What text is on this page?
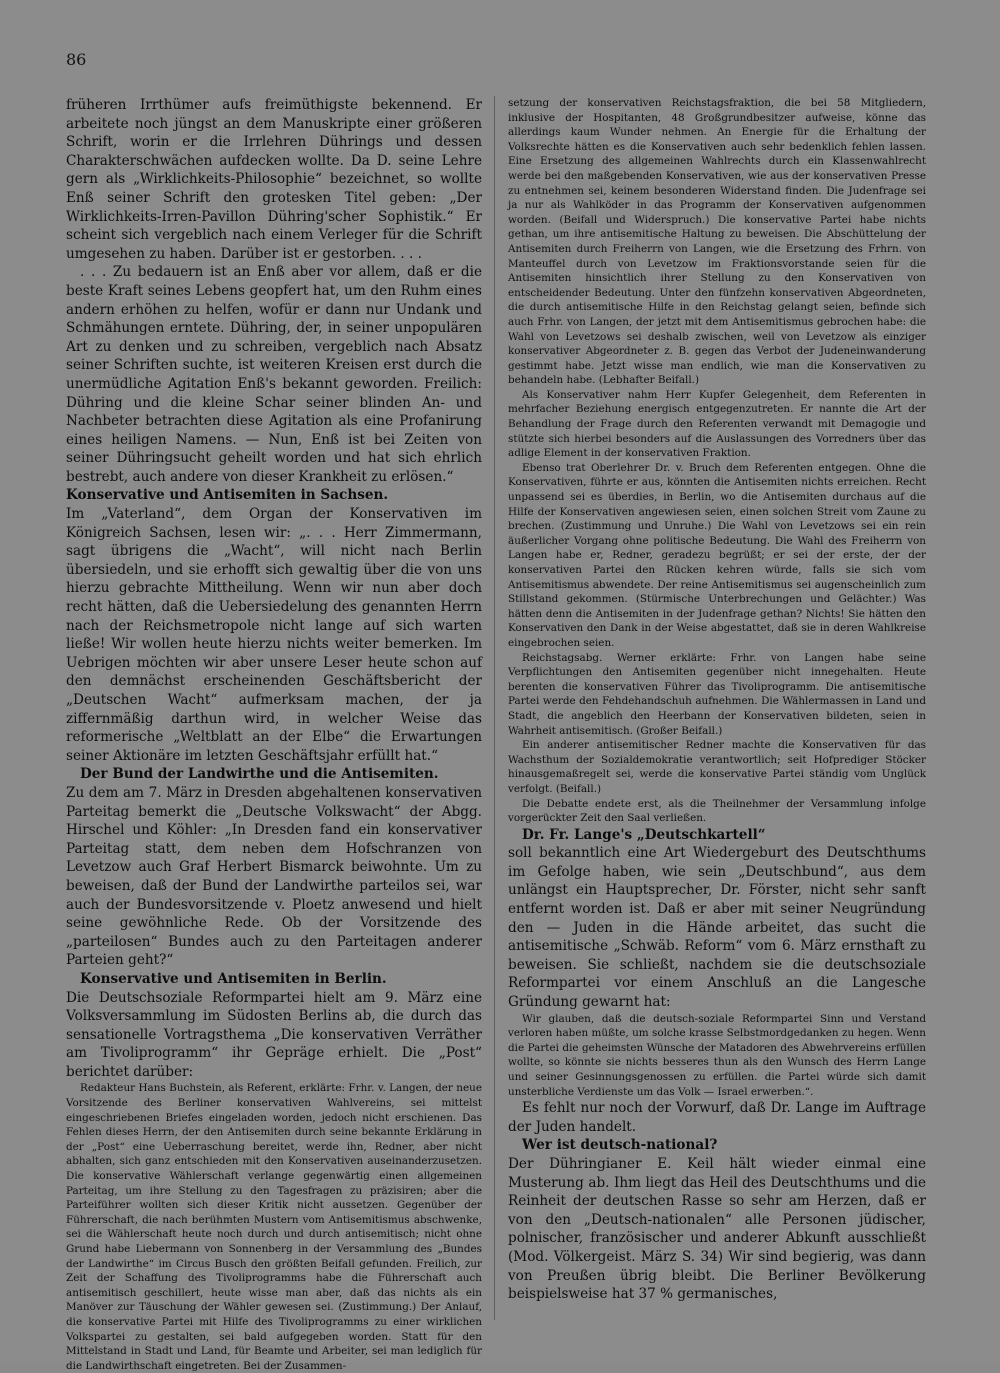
86

früheren Irrthümer aufs freimüthigste bekennend. Er arbeitete noch jüngst an dem Manuskripte einer größeren Schrift, worin er die Irrlehren Dührings und dessen Charakterschwächen aufdecken wollte. Da D. seine Lehre gern als „Wirklichkeits-Philosophie“ bezeichnet, so wollte Enß seiner Schrift den grotesken Titel geben: „Der Wirklichkeits-Irren-Pavillon Dühring'scher Sophistik.“ Er scheint sich vergeblich nach einem Verleger für die Schrift umgesehen zu haben. Darüber ist er gestorben. . . .

. . . Zu bedauern ist an Enß aber vor allem, daß er die beste Kraft seines Lebens geopfert hat, um den Ruhm eines andern erhöhen zu helfen, wofür er dann nur Undank und Schmähungen erntete. Dühring, der, in seiner unpopulären Art zu denken und zu schreiben, vergeblich nach Absatz seiner Schriften suchte, ist weiteren Kreisen erst durch die unermüdliche Agitation Enß's bekannt geworden. Freilich: Dühring und die kleine Schar seiner blinden An- und Nachbeter betrachten diese Agitation als eine Profanirung eines heiligen Namens. — Nun, Enß ist bei Zeiten von seiner Dühringsucht geheilt worden und hat sich ehrlich bestrebt, auch andere von dieser Krankheit zu erlösen.“

Konservative und Antisemiten in Sachsen.

Im „Vaterland“, dem Organ der Konservativen im Königreich Sachsen, lesen wir: „. . . Herr Zimmermann, sagt übrigens die „Wacht“, will nicht nach Berlin übersiedeln, und sie erhofft sich gewaltig über die von uns hierzu gebrachte Mittheilung. Wenn wir nun aber doch recht hätten, daß die Uebersiedelung des genannten Herrn nach der Reichsmetropole nicht lange auf sich warten ließe! Wir wollen heute hierzu nichts weiter bemerken. Im Uebrigen möchten wir aber unsere Leser heute schon auf den demnächst erscheinenden Geschäftsbericht der „Deutschen Wacht“ aufmerksam machen, der ja ziffernmäßig darthun wird, in welcher Weise das reformerische „Weltblatt an der Elbe“ die Erwartungen seiner Aktionäre im letzten Geschäftsjahr erfüllt hat.“

Der Bund der Landwirthe und die Antisemiten.

Zu dem am 7. März in Dresden abgehaltenen konservativen Parteitag bemerkt die „Deutsche Volkswacht“ der Abgg. Hirschel und Köhler: „In Dresden fand ein konservativer Parteitag statt, dem neben dem Hofschranzen von Levetzow auch Graf Herbert Bismarck beiwohnte. Um zu beweisen, daß der Bund der Landwirthe parteilos sei, war auch der Bundesvorsitzende v. Ploetz anwesend und hielt seine gewöhnliche Rede. Ob der Vorsitzende des „parteilosen“ Bundes auch zu den Parteitagen anderer Parteien geht?“

Konservative und Antisemiten in Berlin.

Die Deutschsoziale Reformpartei hielt am 9. März eine Volksversammlung im Südosten Berlins ab, die durch das sensationelle Vortragsthema „Die konservativen Verräther am Tivoliprogramm“ ihr Gepräge erhielt. Die „Post“ berichtet darüber:

Redakteur Hans Buchstein, als Referent, erklärte: Frhr. v. Langen, der neue Vorsitzende des Berliner konservativen Wahlvereins, sei mittelst eingeschriebenen Briefes eingeladen worden, jedoch nicht erschienen. Das Fehlen dieses Herrn, der den Antisemiten durch seine bekannte Erklärung in der „Post“ eine Ueberraschung bereitet, werde ihn, Redner, aber nicht abhalten, sich ganz entschieden mit den Konservativen auseinanderzusetzen. Die konservative Wählerschaft verlange gegenwärtig einen allgemeinen Parteitag, um ihre Stellung zu den Tagesfragen zu präzisiren; aber die Parteiführer wollten sich dieser Kritik nicht aussetzen. Gegenüber der Führerschaft, die nach berühmten Mustern vom Antisemitismus abschwenke, sei die Wählerschaft heute noch durch und durch antisemitisch; nicht ohne Grund habe Liebermann von Sonnenberg in der Versammlung des „Bundes der Landwirthe“ im Circus Busch den größten Beifall gefunden. Freilich, zur Zeit der Schaffung des Tivoliprogramms habe die Führerschaft auch antisemitisch geschillert, heute wisse man aber, daß das nichts als ein Manöver zur Täuschung der Wähler gewesen sei. (Zustimmung.) Der Anlauf, die konservative Partei mit Hilfe des Tivoliprogramms zu einer wirklichen Volkspartei zu gestalten, sei bald aufgegeben worden. Statt für den Mittelstand in Stadt und Land, für Beamte und Arbeiter, sei man lediglich für die Landwirthschaft eingetreten. Bei der Zusammen-

setzung der konservativen Reichstagsfraktion, die bei 58 Mitgliedern, inklusive der Hospitanten, 48 Großgrundbesitzer aufweise, könne das allerdings kaum Wunder nehmen. An Energie für die Erhaltung der Volksrechte hätten es die Konservativen auch sehr bedenklich fehlen lassen. Eine Ersetzung des allgemeinen Wahlrechts durch ein Klassenwahlrecht werde bei den maßgebenden Konservativen, wie aus der konservativen Presse zu entnehmen sei, keinem besonderen Widerstand finden. Die Judenfrage sei ja nur als Wahlköder in das Programm der Konservativen aufgenommen worden. (Beifall und Widerspruch.) Die konservative Partei habe nichts gethan, um ihre antisemitische Haltung zu beweisen. Die Abschüttelung der Antisemiten durch Freiherrn von Langen, wie die Ersetzung des Frhrn. von Manteuffel durch von Levetzow im Fraktionsvorstande seien für die Antisemiten hinsichtlich ihrer Stellung zu den Konservativen von entscheidender Bedeutung. Unter den fünfzehn konservativen Abgeordneten, die durch antisemitische Hilfe in den Reichstag gelangt seien, befinde sich auch Frhr. von Langen, der jetzt mit dem Antisemitismus gebrochen habe: die Wahl von Levetzows sei deshalb zwischen, weil von Levetzow als einziger konservativer Abgeordneter z. B. gegen das Verbot der Judeneinwanderung gestimmt habe. Jetzt wisse man endlich, wie man die Konservativen zu behandeln habe. (Lebhafter Beifall.)

Als Konservativer nahm Herr Kupfer Gelegenheit, dem Referenten in mehrfacher Beziehung energisch entgegenzutreten. Er nannte die Art der Behandlung der Frage durch den Referenten verwandt mit Demagogie und stützte sich hierbei besonders auf die Auslassungen des Vorredners über das adlige Element in der konservativen Fraktion.

Ebenso trat Oberlehrer Dr. v. Bruch dem Referenten entgegen. Ohne die Konservativen, führte er aus, könnten die Antisemiten nichts erreichen. Recht unpassend sei es überdies, in Berlin, wo die Antisemiten durchaus auf die Hilfe der Konservativen angewiesen seien, einen solchen Streit vom Zaune zu brechen. (Zustimmung und Unruhe.) Die Wahl von Levetzows sei ein rein äußerlicher Vorgang ohne politische Bedeutung. Die Wahl des Freiherrn von Langen habe er, Redner, geradezu begrüßt; er sei der erste, der der konservativen Partei den Rücken kehren würde, falls sie sich vom Antisemitismus abwendete. Der reine Antisemitismus sei augenscheinlich zum Stillstand gekommen. (Stürmische Unterbrechungen und Gelächter.) Was hätten denn die Antisemiten in der Judenfrage gethan? Nichts! Sie hätten den Konservativen den Dank in der Weise abgestattet, daß sie in deren Wahlkreise eingebrochen seien.

Reichstagsabg. Werner erklärte: Frhr. von Langen habe seine Verpflichtungen den Antisemiten gegenüber nicht innegehalten. Heute berenten die konservativen Führer das Tivoliprogramm. Die antisemitische Partei werde den Fehdehandschuh aufnehmen. Die Wählermassen in Land und Stadt, die angeblich den Heerbann der Konservativen bildeten, seien in Wahrheit antisemitisch. (Großer Beifall.)

Ein anderer antisemitischer Redner machte die Konservativen für das Wachsthum der Sozialdemokratie verantwortlich; seit Hofprediger Stöcker hinausgemaßregelt sei, werde die konservative Partei ständig vom Unglück verfolgt. (Beifall.)

Die Debatte endete erst, als die Theilnehmer der Versammlung infolge vorgerückter Zeit den Saal verließen.

Dr. Fr. Lange's „Deutschkartell“

soll bekanntlich eine Art Wiedergeburt des Deutschthums im Gefolge haben, wie sein „Deutschbund“, aus dem unlängst ein Hauptsprecher, Dr. Förster, nicht sehr sanft entfernt worden ist. Daß er aber mit seiner Neugründung den — Juden in die Hände arbeitet, das sucht die antisemitische „Schwäb. Reform“ vom 6. März ernsthaft zu beweisen. Sie schließt, nachdem sie die deutschsoziale Reformpartei vor einem Anschluß an die Langesche Gründung gewarnt hat:

Wir glauben, daß die deutsch-soziale Reformpartei Sinn und Verstand verloren haben müßte, um solche krasse Selbstmordgedanken zu hegen. Wenn die Partei die geheimsten Wünsche der Matadoren des Abwehrvereins erfüllen wollte, so könnte sie nichts besseres thun als den Wunsch des Herrn Lange und seiner Gesinnungsgenossen zu erfüllen. die Partei würde sich damit unsterbliche Verdienste um das Volk — Israel erwerben.“.

Es fehlt nur noch der Vorwurf, daß Dr. Lange im Auftrage der Juden handelt.

Wer ist deutsch-national?

Der Dühringianer E. Keil hält wieder einmal eine Musterung ab. Ihm liegt das Heil des Deutschthums und die Reinheit der deutschen Rasse so sehr am Herzen, daß er von den „Deutsch-nationalen“ alle Personen jüdischer, polnischer, französischer und anderer Abkunft ausschließt (Mod. Völkergeist. März S. 34) Wir sind begierig, was dann von Preußen übrig bleibt. Die Berliner Bevölkerung beispielsweise hat 37 % germanisches,
